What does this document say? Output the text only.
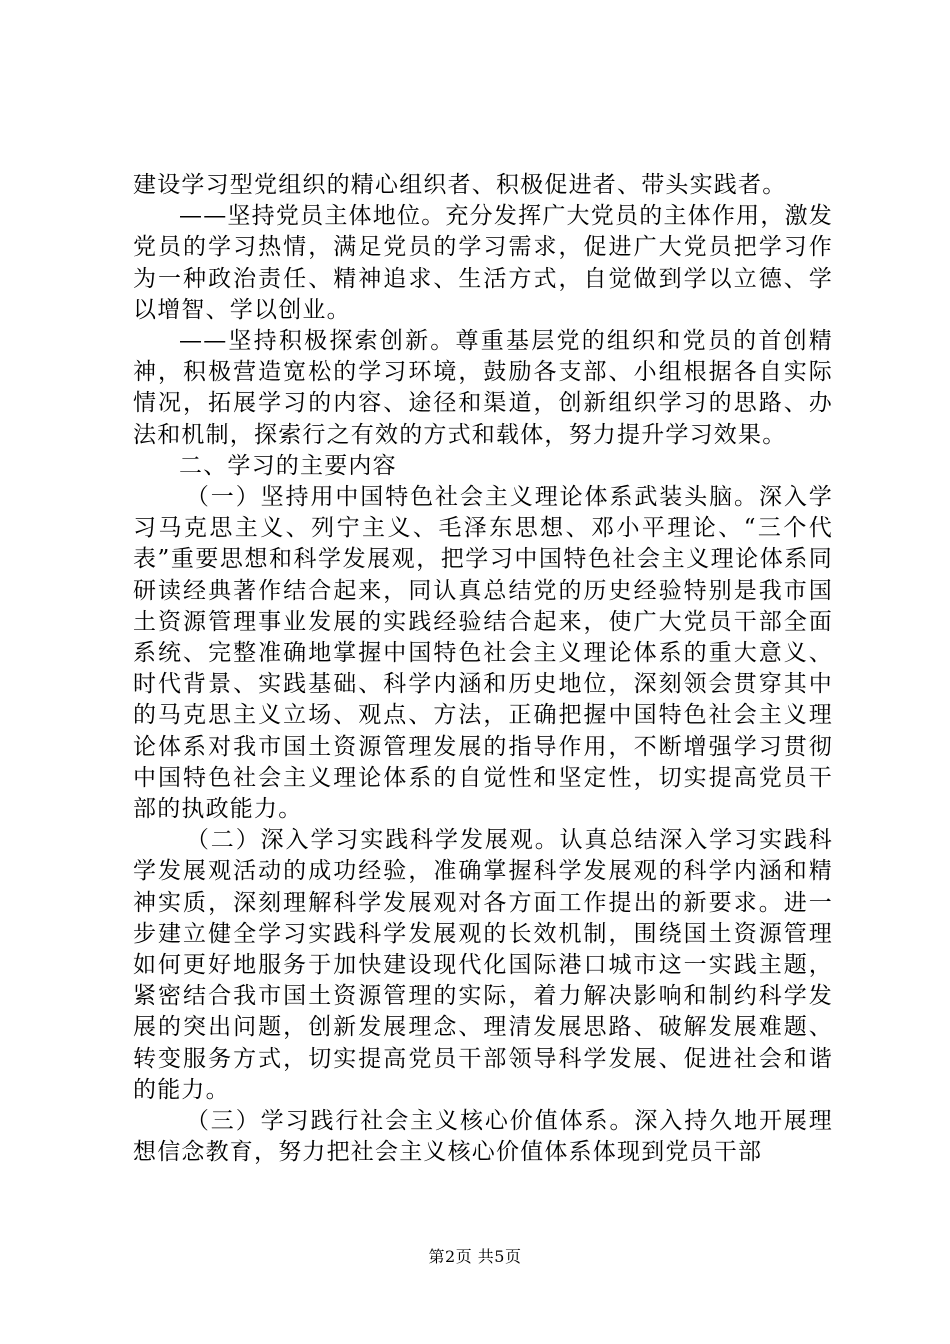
建设学习型党组织的精心组织者、积极促进者、带头实践者。

——坚持党员主体地位。充分发挥广大党员的主体作用，激发党员的学习热情，满足党员的学习需求，促进广大党员把学习作为一种政治责任、精神追求、生活方式，自觉做到学以立德、学以增智、学以创业。

——坚持积极探索创新。尊重基层党的组织和党员的首创精神，积极营造宽松的学习环境，鼓励各支部、小组根据各自实际情况，拓展学习的内容、途径和渠道，创新组织学习的思路、办法和机制，探索行之有效的方式和载体，努力提升学习效果。

二、学习的主要内容

（一）坚持用中国特色社会主义理论体系武装头脑。深入学习马克思主义、列宁主义、毛泽东思想、邓小平理论、“三个代表”重要思想和科学发展观，把学习中国特色社会主义理论体系同研读经典著作结合起来，同认真总结党的历史经验特别是我市国土资源管理事业发展的实践经验结合起来，使广大党员干部全面系统、完整准确地掌握中国特色社会主义理论体系的重大意义、时代背景、实践基础、科学内涵和历史地位，深刻领会贯穿其中的马克思主义立场、观点、方法，正确把握中国特色社会主义理论体系对我市国土资源管理发展的指导作用，不断增强学习贯彻中国特色社会主义理论体系的自觉性和坚定性，切实提高党员干部的执政能力。

（二）深入学习实践科学发展观。认真总结深入学习实践科学发展观活动的成功经验，准确掌握科学发展观的科学内涵和精神实质，深刻理解科学发展观对各方面工作提出的新要求。进一步建立健全学习实践科学发展观的长效机制，围绕国土资源管理如何更好地服务于加快建设现代化国际港口城市这一实践主题，紧密结合我市国土资源管理的实际，着力解决影响和制约科学发展的突出问题，创新发展理念、理清发展思路、破解发展难题、转变服务方式，切实提高党员干部领导科学发展、促进社会和谐的能力。

（三）学习践行社会主义核心价值体系。深入持久地开展理想信念教育，努力把社会主义核心价值体系体现到党员干部

第2页 共5页
